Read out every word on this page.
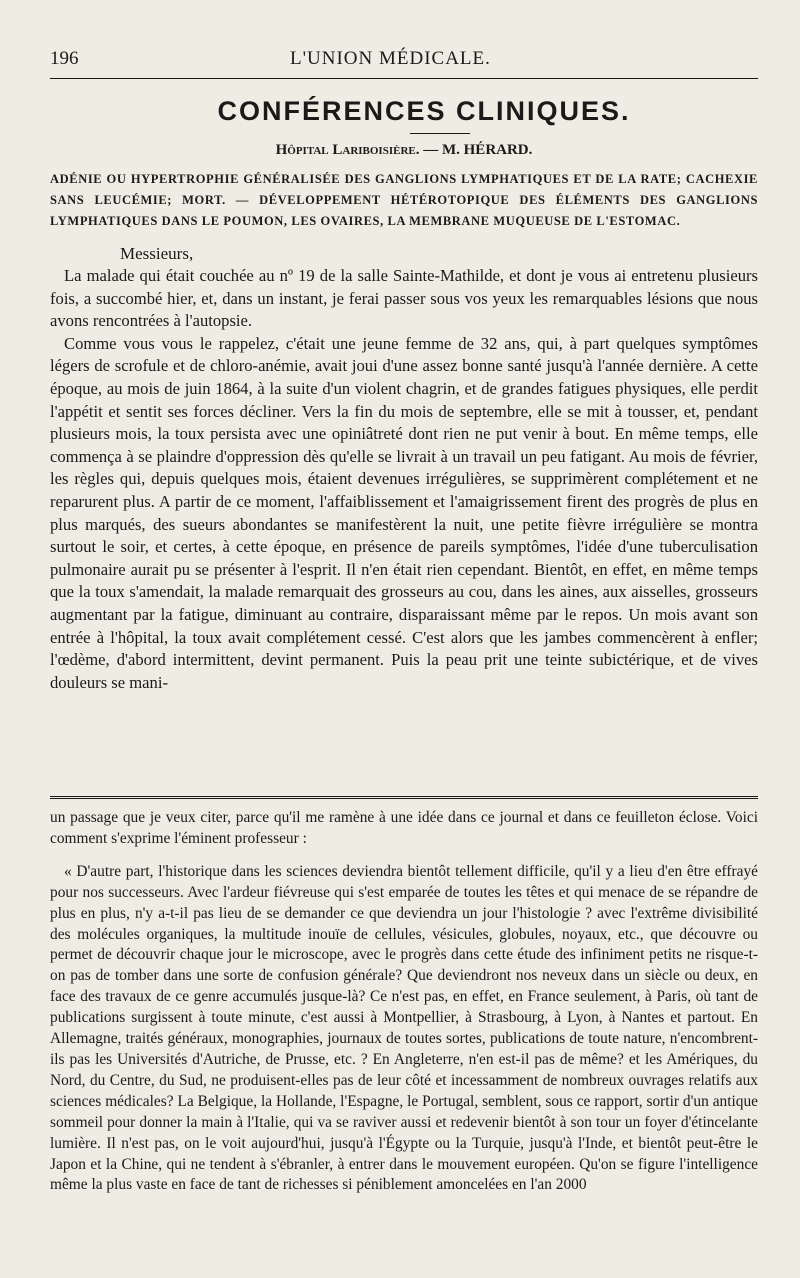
196	L'UNION MÉDICALE.
CONFÉRENCES CLINIQUES.
Hôpital Lariboisière. — M. HÉRARD.
ADÉNIE OU HYPERTROPHIE GÉNÉRALISÉE DES GANGLIONS LYMPHATIQUES ET DE LA RATE; CACHEXIE SANS LEUCÉMIE; MORT. — DÉVELOPPEMENT HÉTÉROTOPIQUE DES ÉLÉMENTS DES GANGLIONS LYMPHATIQUES DANS LE POUMON, LES OVAIRES, LA MEMBRANE MUQUEUSE DE L'ESTOMAC.
Messieurs,

La malade qui était couchée au nº 19 de la salle Sainte-Mathilde, et dont je vous ai entretenu plusieurs fois, a succombé hier, et, dans un instant, je ferai passer sous vos yeux les remarquables lésions que nous avons rencontrées à l'autopsie.

Comme vous vous le rappelez, c'était une jeune femme de 32 ans, qui, à part quelques symptômes légers de scrofule et de chloro-anémie, avait joui d'une assez bonne santé jusqu'à l'année dernière. A cette époque, au mois de juin 1864, à la suite d'un violent chagrin, et de grandes fatigues physiques, elle perdit l'appétit et sentit ses forces décliner. Vers la fin du mois de septembre, elle se mit à tousser, et, pendant plusieurs mois, la toux persista avec une opiniâtreté dont rien ne put venir à bout. En même temps, elle commença à se plaindre d'oppression dès qu'elle se livrait à un travail un peu fatigant. Au mois de février, les règles qui, depuis quelques mois, étaient devenues irrégulières, se supprimèrent complétement et ne reparurent plus. A partir de ce moment, l'affaiblissement et l'amaigrissement firent des progrès de plus en plus marqués, des sueurs abondantes se manifestèrent la nuit, une petite fièvre irrégulière se montra surtout le soir, et certes, à cette époque, en présence de pareils symptômes, l'idée d'une tuberculisation pulmonaire aurait pu se présenter à l'esprit. Il n'en était rien cependant. Bientôt, en effet, en même temps que la toux s'amendait, la malade remarquait des grosseurs au cou, dans les aines, aux aisselles, grosseurs augmentant par la fatigue, diminuant au contraire, disparaissant même par le repos. Un mois avant son entrée à l'hôpital, la toux avait complétement cessé. C'est alors que les jambes commencèrent à enfler; l'œdème, d'abord intermittent, devint permanent. Puis la peau prit une teinte subictérique, et de vives douleurs se mani-

un passage que je veux citer, parce qu'il me ramène à une idée dans ce journal et dans ce feuilleton éclose. Voici comment s'exprime l'éminent professeur :

« D'autre part, l'historique dans les sciences deviendra bientôt tellement difficile, qu'il y a lieu d'en être effrayé pour nos successeurs. Avec l'ardeur fiévreuse qui s'est emparée de toutes les têtes et qui menace de se répandre de plus en plus, n'y a-t-il pas lieu de se demander ce que deviendra un jour l'histologie ? avec l'extrême divisibilité des molécules organiques, la multitude inouïe de cellules, vésicules, globules, noyaux, etc., que découvre ou permet de découvrir chaque jour le microscope, avec le progrès dans cette étude des infiniment petits ne risque-t-on pas de tomber dans une sorte de confusion générale? Que deviendront nos neveux dans un siècle ou deux, en face des travaux de ce genre accumulés jusque-là? Ce n'est pas, en effet, en France seulement, à Paris, où tant de publications surgissent à toute minute, c'est aussi à Montpellier, à Strasbourg, à Lyon, à Nantes et partout. En Allemagne, traités généraux, monographies, journaux de toutes sortes, publications de toute nature, n'encombrent-ils pas les Universités d'Autriche, de Prusse, etc. ? En Angleterre, n'en est-il pas de même? et les Amériques, du Nord, du Centre, du Sud, ne produisent-elles pas de leur côté et incessamment de nombreux ouvrages relatifs aux sciences médicales? La Belgique, la Hollande, l'Espagne, le Portugal, semblent, sous ce rapport, sortir d'un antique sommeil pour donner la main à l'Italie, qui va se raviver aussi et redevenir bientôt à son tour un foyer d'étincelante lumière. Il n'est pas, on le voit aujourd'hui, jusqu'à l'Égypte ou la Turquie, jusqu'à l'Inde, et bientôt peut-être le Japon et la Chine, qui ne tendent à s'ébranler, à entrer dans le mouvement européen. Qu'on se figure l'intelligence même la plus vaste en face de tant de richesses si péniblement amoncelées en l'an 2000
